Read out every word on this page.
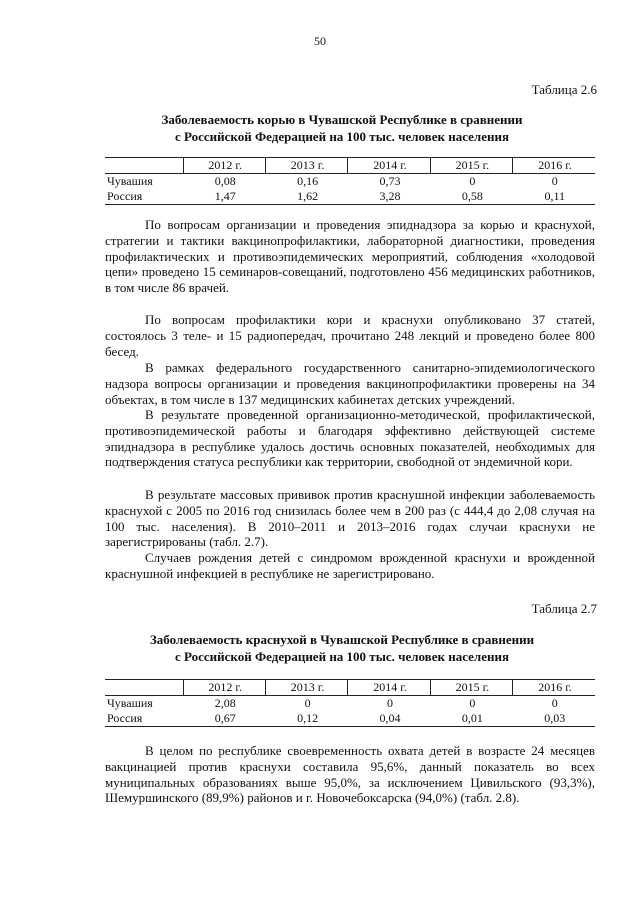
50
Таблица 2.6
Заболеваемость корью в Чувашской Республике в сравнении
с Российской Федерацией на 100 тыс. человек населения
	2012 г.	2013 г.	2014 г.	2015 г.	2016 г.
Чувашия	0,08	0,16	0,73	0	0
Россия	1,47	1,62	3,28	0,58	0,11

По вопросам организации и проведения эпиднадзора за корью и краснухой, стратегии и тактики вакцинопрофилактики, лабораторной диагностики, проведения профилактических и противоэпидемических мероприятий, соблюдения «холодовой цепи» проведено 15 семинаров-совещаний, подготовлено 456 медицинских работников, в том числе 86 врачей.

По вопросам профилактики кори и краснухи опубликовано 37 статей, состоялось 3 теле- и 15 радиопередач, прочитано 248 лекций и проведено более 800 бесед.

В рамках федерального государственного санитарно-эпидемиологического надзора вопросы организации и проведения вакцинопрофилактики проверены на 34 объектах, в том числе в 137 медицинских кабинетах детских учреждений.

В результате проведенной организационно-методической, профилактической, противоэпидемической работы и благодаря эффективно действующей системе эпиднадзора в республике удалось достичь основных показателей, необходимых для подтверждения статуса республики как территории, свободной от эндемичной кори.

В результате массовых прививок против краснушной инфекции заболеваемость краснухой с 2005 по 2016 год снизилась более чем в 200 раз (с 444,4 до 2,08 случая на 100 тыс. населения). В 2010–2011 и 2013–2016 годах случаи краснухи не зарегистрированы (табл. 2.7).

Случаев рождения детей с синдромом врожденной краснухи и врожденной краснушной инфекцией в республике не зарегистрировано.

Таблица 2.7
Заболеваемость краснухой в Чувашской Республике в сравнении
с Российской Федерацией на 100 тыс. человек населения
	2012 г.	2013 г.	2014 г.	2015 г.	2016 г.
Чувашия	2,08	0	0	0	0
Россия	0,67	0,12	0,04	0,01	0,03

В целом по республике своевременность охвата детей в возрасте 24 месяцев вакцинацией против краснухи составила 95,6%, данный показатель во всех муниципальных образованиях выше 95,0%, за исключением Цивильского (93,3%), Шемуршинского (89,9%) районов и г. Новочебоксарска (94,0%) (табл. 2.8).
